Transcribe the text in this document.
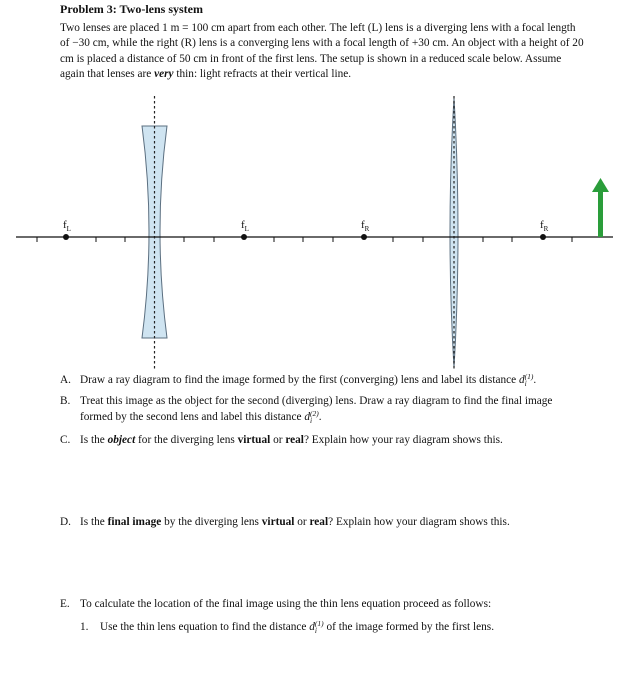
Problem 3: Two-lens system
Two lenses are placed 1 m = 100 cm apart from each other. The left (L) lens is a diverging lens with a focal length of −30 cm, while the right (R) lens is a converging lens with a focal length of +30 cm. An object with a height of 20 cm is placed a distance of 50 cm in front of the first lens. The setup is shown in a reduced scale below. Assume again that lenses are very thin: light refracts at their vertical line.
$f_L$	$f_L$	$f_R$	$f_R$
A. Draw a ray diagram to find the image formed by the first (converging) lens and label its distance d (1)
i .
B. Treat this image as the object for the second (diverging) lens. Draw a ray diagram to find the final image formed by the second lens and label this distance d (2)
i .
C. Is the object for the diverging lens virtual or real? Explain how your ray diagram shows this.
D. Is the final image by the diverging lens virtual or real? Explain how your diagram shows this.
E. To calculate the location of the final image using the thin lens equation proceed as follows:
1. Use the thin lens equation to find the distance d (1)
i of the image formed by the first lens.
